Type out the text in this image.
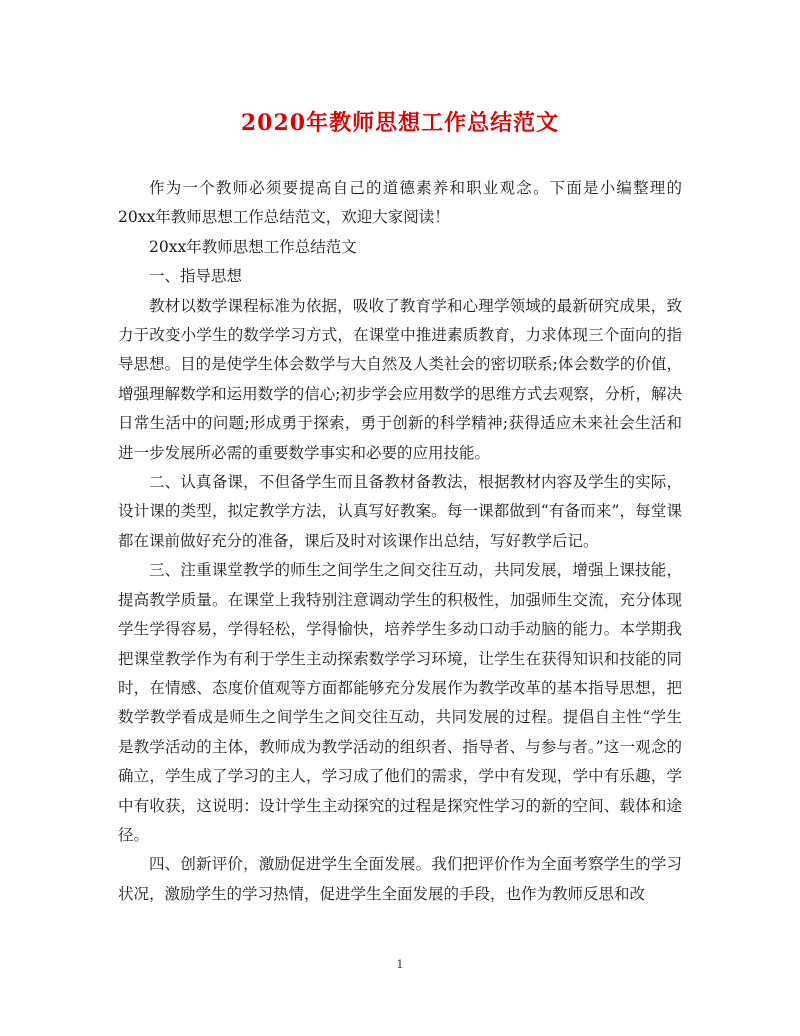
2020年教师思想工作总结范文

作为一个教师必须要提高自己的道德素养和职业观念。下面是小编整理的20xx年教师思想工作总结范文，欢迎大家阅读！

20xx年教师思想工作总结范文

一、指导思想

教材以数学课程标准为依据，吸收了教育学和心理学领域的最新研究成果，致力于改变小学生的数学学习方式，在课堂中推进素质教育，力求体现三个面向的指导思想。目的是使学生体会数学与大自然及人类社会的密切联系;体会数学的价值，增强理解数学和运用数学的信心;初步学会应用数学的思维方式去观察，分析，解决日常生活中的问题;形成勇于探索，勇于创新的科学精神;获得适应未来社会生活和进一步发展所必需的重要数学事实和必要的应用技能。

二、认真备课，不但备学生而且备教材备教法，根据教材内容及学生的实际，设计课的类型，拟定教学方法，认真写好教案。每一课都做到“有备而来”，每堂课都在课前做好充分的准备，课后及时对该课作出总结，写好教学后记。

三、注重课堂教学的师生之间学生之间交往互动，共同发展，增强上课技能，提高教学质量。在课堂上我特别注意调动学生的积极性，加强师生交流，充分体现学生学得容易，学得轻松，学得愉快，培养学生多动口动手动脑的能力。本学期我把课堂教学作为有利于学生主动探索数学学习环境，让学生在获得知识和技能的同时，在情感、态度价值观等方面都能够充分发展作为教学改革的基本指导思想，把数学教学看成是师生之间学生之间交往互动，共同发展的过程。提倡自主性“学生是教学活动的主体，教师成为教学活动的组织者、指导者、与参与者。”这一观念的确立，学生成了学习的主人，学习成了他们的需求，学中有发现，学中有乐趣，学中有收获，这说明：设计学生主动探究的过程是探究性学习的新的空间、载体和途径。

四、创新评价，激励促进学生全面发展。我们把评价作为全面考察学生的学习状况，激励学生的学习热情，促进学生全面发展的手段，也作为教师反思和改

1
